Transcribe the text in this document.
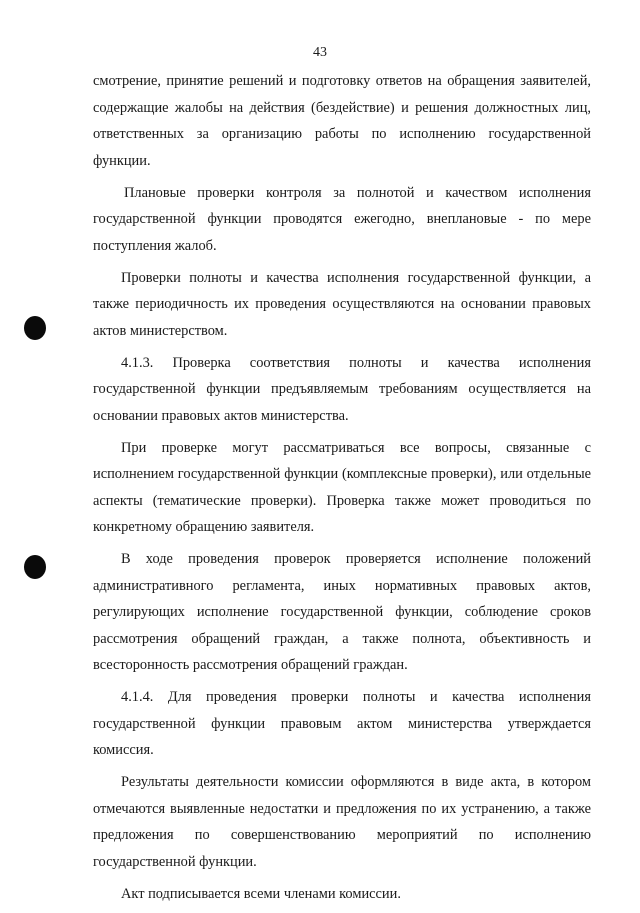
43

смотрение, принятие решений и подготовку ответов на обращения заявителей, содержащие жалобы на действия (бездействие) и решения должностных лиц, ответственных за организацию работы по исполнению государственной функции.

Плановые проверки контроля за полнотой и качеством исполнения государственной функции проводятся ежегодно, внеплановые - по мере поступления жалоб.

Проверки полноты и качества исполнения государственной функции, а также периодичность их проведения осуществляются на основании правовых актов министерством.

4.1.3. Проверка соответствия полноты и качества исполнения государственной функции предъявляемым требованиям осуществляется на основании правовых актов министерства.

При проверке могут рассматриваться все вопросы, связанные с исполнением государственной функции (комплексные проверки), или отдельные аспекты (тематические проверки). Проверка также может проводиться по конкретному обращению заявителя.

В ходе проведения проверок проверяется исполнение положений административного регламента, иных нормативных правовых актов, регулирующих исполнение государственной функции, соблюдение сроков рассмотрения обращений граждан, а также полнота, объективность и всесторонность рассмотрения обращений граждан.

4.1.4. Для проведения проверки полноты и качества исполнения государственной функции правовым актом министерства утверждается комиссия.

Результаты деятельности комиссии оформляются в виде акта, в котором отмечаются выявленные недостатки и предложения по их устранению, а также предложения по совершенствованию мероприятий по исполнению государственной функции.

Акт подписывается всеми членами комиссии.
